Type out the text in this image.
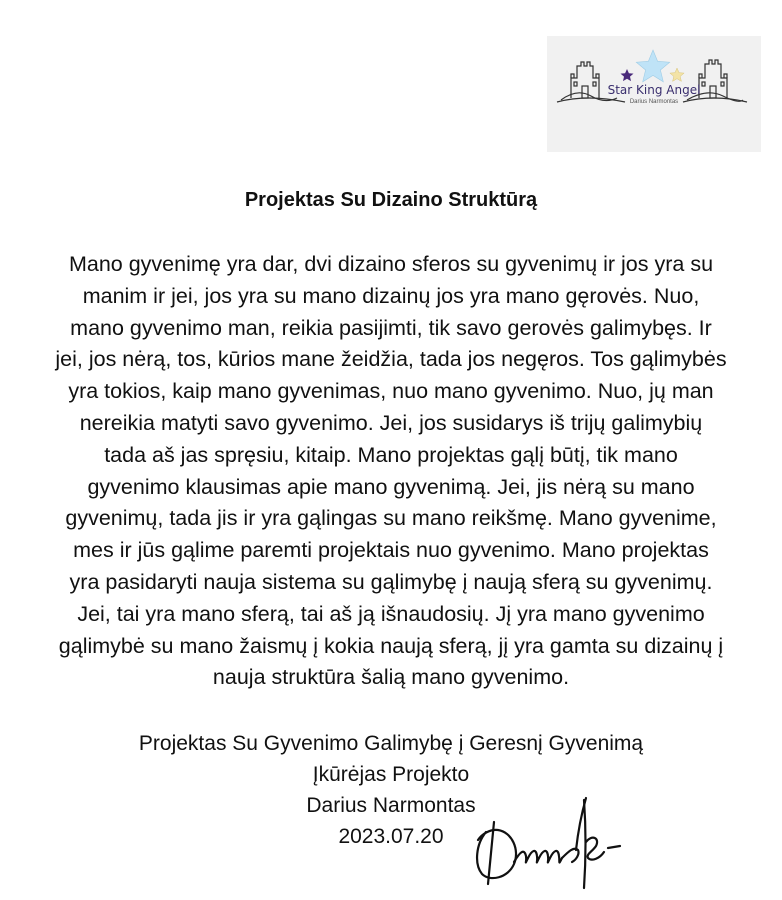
Star King Angel
Darius Narmontas
Projektas Su Dizaino Struktūrą

Mano gyvenimę yra dar, dvi dizaino sferos su gyvenimų ir jos yra su
manim ir jei, jos yra su mano dizainų jos yra mano gęrovės. Nuo,
mano gyvenimo man, reikia pasijimti, tik savo gerovės galimybęs. Ir
jei, jos nėrą, tos, kūrios mane žeidžia, tada jos negęros. Tos gąlimybės
yra tokios, kaip mano gyvenimas, nuo mano gyvenimo. Nuo, jų man
nereikia matyti savo gyvenimo. Jei, jos susidarys iš trijų galimybių
tada aš jas spręsiu, kitaip. Mano projektas gąlį būtį, tik mano
gyvenimo klausimas apie mano gyvenimą. Jei, jis nėrą su mano
gyvenimų, tada jis ir yra gąlingas su mano reikšmę. Mano gyvenime,
mes ir jūs gąlime paremti projektais nuo gyvenimo. Mano projektas
yra pasidaryti nauja sistema su gąlimybę į naują sferą su gyvenimų.
Jei, tai yra mano sferą, tai aš ją išnaudosių. Jį yra mano gyvenimo
gąlimybė su mano žaismų į kokia naują sferą, jį yra gamta su dizainų į
nauja struktūra šalią mano gyvenimo.

Projektas Su Gyvenimo Galimybę į Geresnį Gyvenimą
Įkūrėjas Projekto
Darius Narmontas
2023.07.20
